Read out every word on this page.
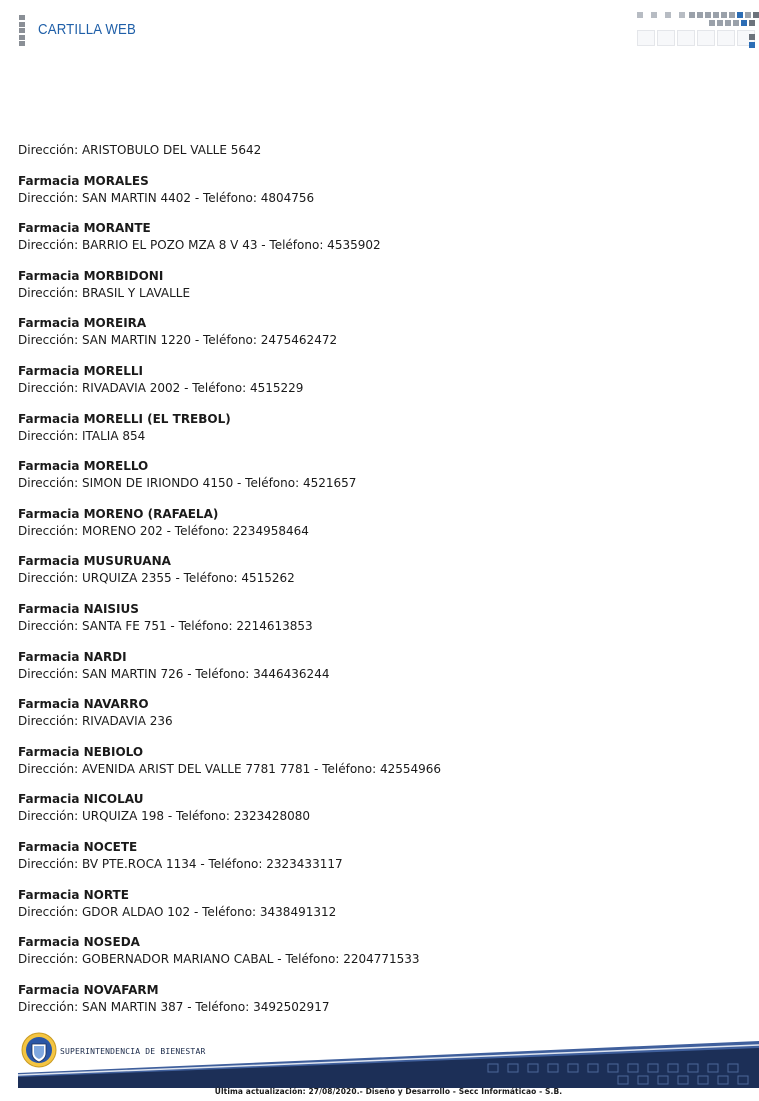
CARTILLA WEB
Dirección: ARISTOBULO DEL VALLE 5642
Farmacia MORALES
Dirección: SAN MARTIN 4402 - Teléfono: 4804756
Farmacia MORANTE
Dirección: BARRIO EL POZO MZA 8 V 43 - Teléfono: 4535902
Farmacia MORBIDONI
Dirección: BRASIL Y LAVALLE
Farmacia MOREIRA
Dirección: SAN MARTIN 1220 - Teléfono: 2475462472
Farmacia MORELLI
Dirección: RIVADAVIA 2002 - Teléfono: 4515229
Farmacia MORELLI (EL TREBOL)
Dirección: ITALIA 854
Farmacia MORELLO
Dirección: SIMON DE IRIONDO 4150 - Teléfono: 4521657
Farmacia MORENO (RAFAELA)
Dirección: MORENO 202 - Teléfono: 2234958464
Farmacia MUSURUANA
Dirección: URQUIZA 2355 - Teléfono: 4515262
Farmacia NAISIUS
Dirección: SANTA FE 751 - Teléfono: 2214613853
Farmacia NARDI
Dirección: SAN MARTIN 726 - Teléfono: 3446436244
Farmacia NAVARRO
Dirección: RIVADAVIA 236
Farmacia NEBIOLO
Dirección: AVENIDA ARIST DEL VALLE 7781 7781 - Teléfono: 42554966
Farmacia NICOLAU
Dirección: URQUIZA 198 - Teléfono: 2323428080
Farmacia NOCETE
Dirección: BV PTE.ROCA 1134 - Teléfono: 2323433117
Farmacia NORTE
Dirección: GDOR ALDAO 102 - Teléfono: 3438491312
Farmacia NOSEDA
Dirección: GOBERNADOR MARIANO CABAL - Teléfono: 2204771533
Farmacia NOVAFARM
Dirección: SAN MARTIN 387 - Teléfono: 3492502917
SUPERINTENDENCIA DE BIENESTAR
Última actualización: 27/08/2020.- Diseño y Desarrollo - Secc Informáticao - S.B.
